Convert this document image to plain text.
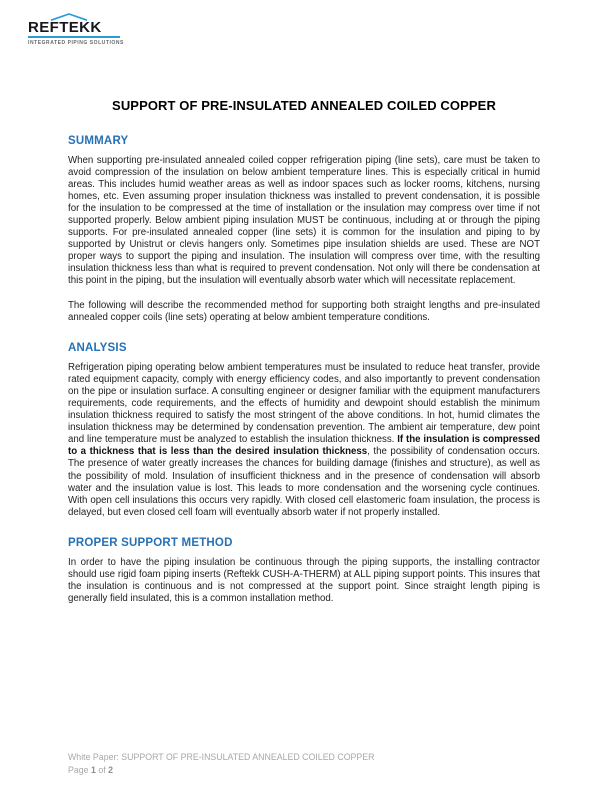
REFTEKK
INTEGRATED PIPING SOLUTIONS
SUPPORT OF PRE-INSULATED ANNEALED COILED COPPER
SUMMARY

When supporting pre-insulated annealed coiled copper refrigeration piping (line sets), care must be taken to avoid compression of the insulation on below ambient temperature lines. This is especially critical in humid areas. This includes humid weather areas as well as indoor spaces such as locker rooms, kitchens, nursing homes, etc. Even assuming proper insulation thickness was installed to prevent condensation, it is possible for the insulation to be compressed at the time of installation or the insulation may compress over time if not supported properly. Below ambient piping insulation MUST be continuous, including at or through the piping supports. For pre-insulated annealed copper (line sets) it is common for the insulation and piping to by supported by Unistrut or clevis hangers only. Sometimes pipe insulation shields are used. These are NOT proper ways to support the piping and insulation. The insulation will compress over time, with the resulting insulation thickness less than what is required to prevent condensation. Not only will there be condensation at this point in the piping, but the insulation will eventually absorb water which will necessitate replacement.

The following will describe the recommended method for supporting both straight lengths and pre-insulated annealed copper coils (line sets) operating at below ambient temperature conditions.

ANALYSIS

Refrigeration piping operating below ambient temperatures must be insulated to reduce heat transfer, provide rated equipment capacity, comply with energy efficiency codes, and also importantly to prevent condensation on the pipe or insulation surface. A consulting engineer or designer familiar with the equipment manufacturers requirements, code requirements, and the effects of humidity and dewpoint should establish the minimum insulation thickness required to satisfy the most stringent of the above conditions. In hot, humid climates the insulation thickness may be determined by condensation prevention. The ambient air temperature, dew point and line temperature must be analyzed to establish the insulation thickness. If the insulation is compressed to a thickness that is less than the desired insulation thickness, the possibility of condensation occurs. The presence of water greatly increases the chances for building damage (finishes and structure), as well as the possibility of mold. Insulation of insufficient thickness and in the presence of condensation will absorb water and the insulation value is lost. This leads to more condensation and the worsening cycle continues. With open cell insulations this occurs very rapidly. With closed cell elastomeric foam insulation, the process is delayed, but even closed cell foam will eventually absorb water if not properly installed.

PROPER SUPPORT METHOD

In order to have the piping insulation be continuous through the piping supports, the installing contractor should use rigid foam piping inserts (Reftekk CUSH-A-THERM) at ALL piping support points. This insures that the insulation is continuous and is not compressed at the support point. Since straight length piping is generally field insulated, this is a common installation method.

White Paper: SUPPORT OF PRE-INSULATED ANNEALED COILED COPPER
Page 1 of 2
